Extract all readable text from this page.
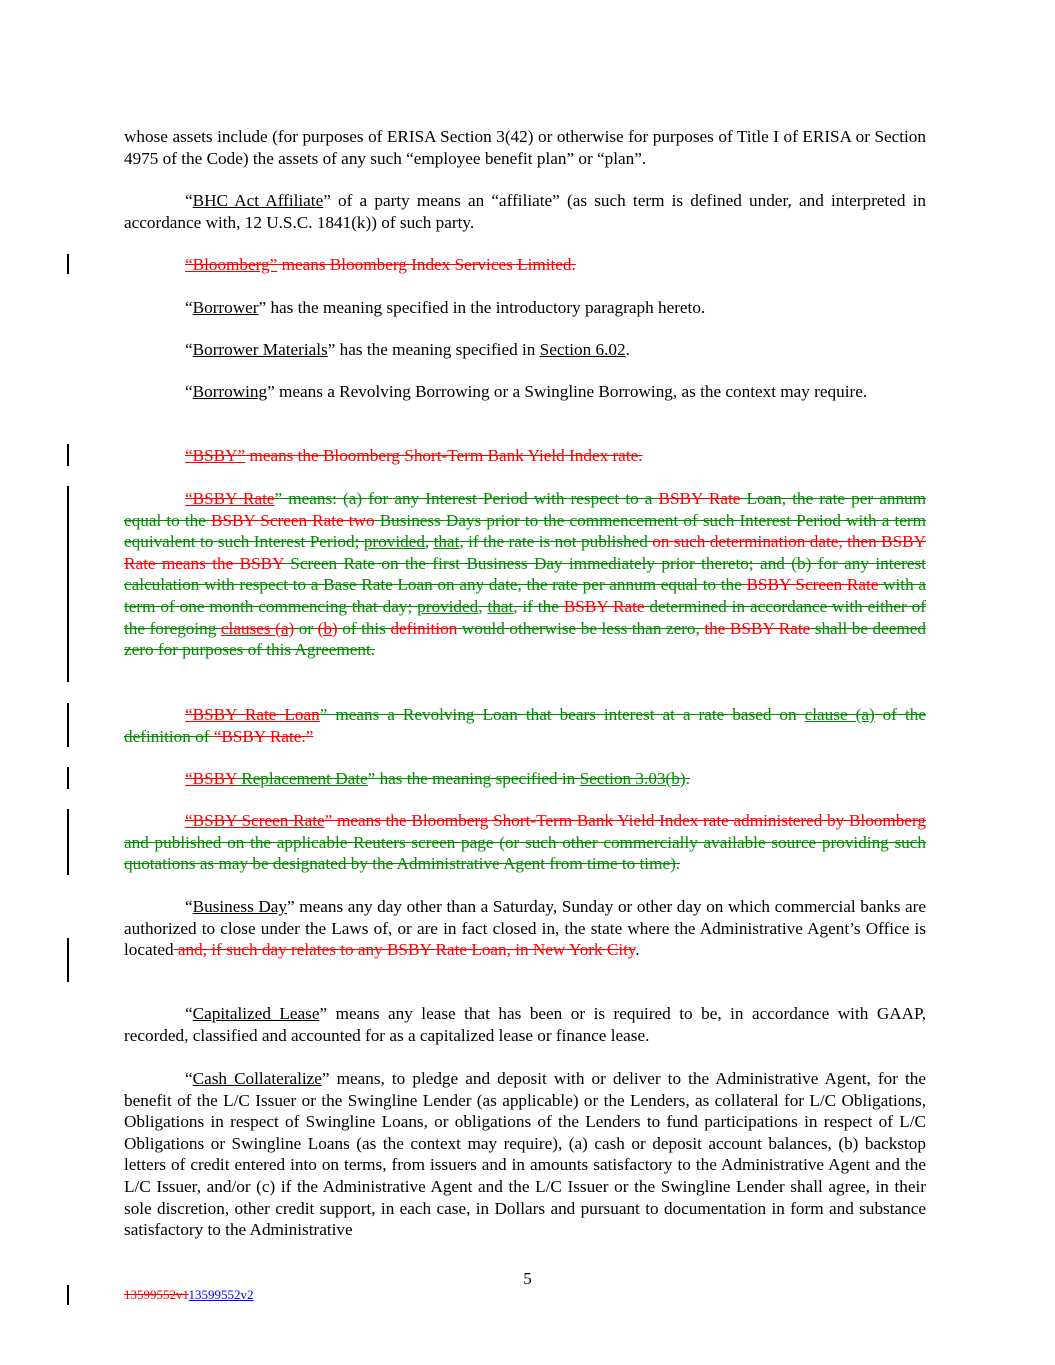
whose assets include (for purposes of ERISA Section 3(42) or otherwise for purposes of Title I of ERISA or Section 4975 of the Code) the assets of any such “employee benefit plan” or “plan”.

“BHC Act Affiliate” of a party means an “affiliate” (as such term is defined under, and interpreted in accordance with, 12 U.S.C. 1841(k)) of such party.

“Bloomberg” means Bloomberg Index Services Limited.

“Borrower” has the meaning specified in the introductory paragraph hereto.

“Borrower Materials” has the meaning specified in Section 6.02.

“Borrowing” means a Revolving Borrowing or a Swingline Borrowing, as the context may require.

“BSBY” means the Bloomberg Short-Term Bank Yield Index rate.

“BSBY Rate” means: (a) for any Interest Period with respect to a BSBY Rate Loan, the rate per annum equal to the BSBY Screen Rate two Business Days prior to the commencement of such Interest Period with a term equivalent to such Interest Period; provided, that, if the rate is not published on such determination date, then BSBY Rate means the BSBY Screen Rate on the first Business Day immediately prior thereto; and (b) for any interest calculation with respect to a Base Rate Loan on any date, the rate per annum equal to the BSBY Screen Rate with a term of one month commencing that day; provided, that, if the BSBY Rate determined in accordance with either of the foregoing clauses (a) or (b) of this definition would otherwise be less than zero, the BSBY Rate shall be deemed zero for purposes of this Agreement.

“BSBY Rate Loan” means a Revolving Loan that bears interest at a rate based on clause (a) of the definition of “BSBY Rate.”

“BSBY Replacement Date” has the meaning specified in Section 3.03(b).

“BSBY Screen Rate” means the Bloomberg Short-Term Bank Yield Index rate administered by Bloomberg and published on the applicable Reuters screen page (or such other commercially available source providing such quotations as may be designated by the Administrative Agent from time to time).

“Business Day” means any day other than a Saturday, Sunday or other day on which commercial banks are authorized to close under the Laws of, or are in fact closed in, the state where the Administrative Agent’s Office is located and, if such day relates to any BSBY Rate Loan, in New York City.

“Capitalized Lease” means any lease that has been or is required to be, in accordance with GAAP, recorded, classified and accounted for as a capitalized lease or finance lease.

“Cash Collateralize” means, to pledge and deposit with or deliver to the Administrative Agent, for the benefit of the L/C Issuer or the Swingline Lender (as applicable) or the Lenders, as collateral for L/C Obligations, Obligations in respect of Swingline Loans, or obligations of the Lenders to fund participations in respect of L/C Obligations or Swingline Loans (as the context may require), (a) cash or deposit account balances, (b) backstop letters of credit entered into on terms, from issuers and in amounts satisfactory to the Administrative Agent and the L/C Issuer, and/or (c) if the Administrative Agent and the L/C Issuer or the Swingline Lender shall agree, in their sole discretion, other credit support, in each case, in Dollars and pursuant to documentation in form and substance satisfactory to the Administrative

5
13599552v113599552v2
